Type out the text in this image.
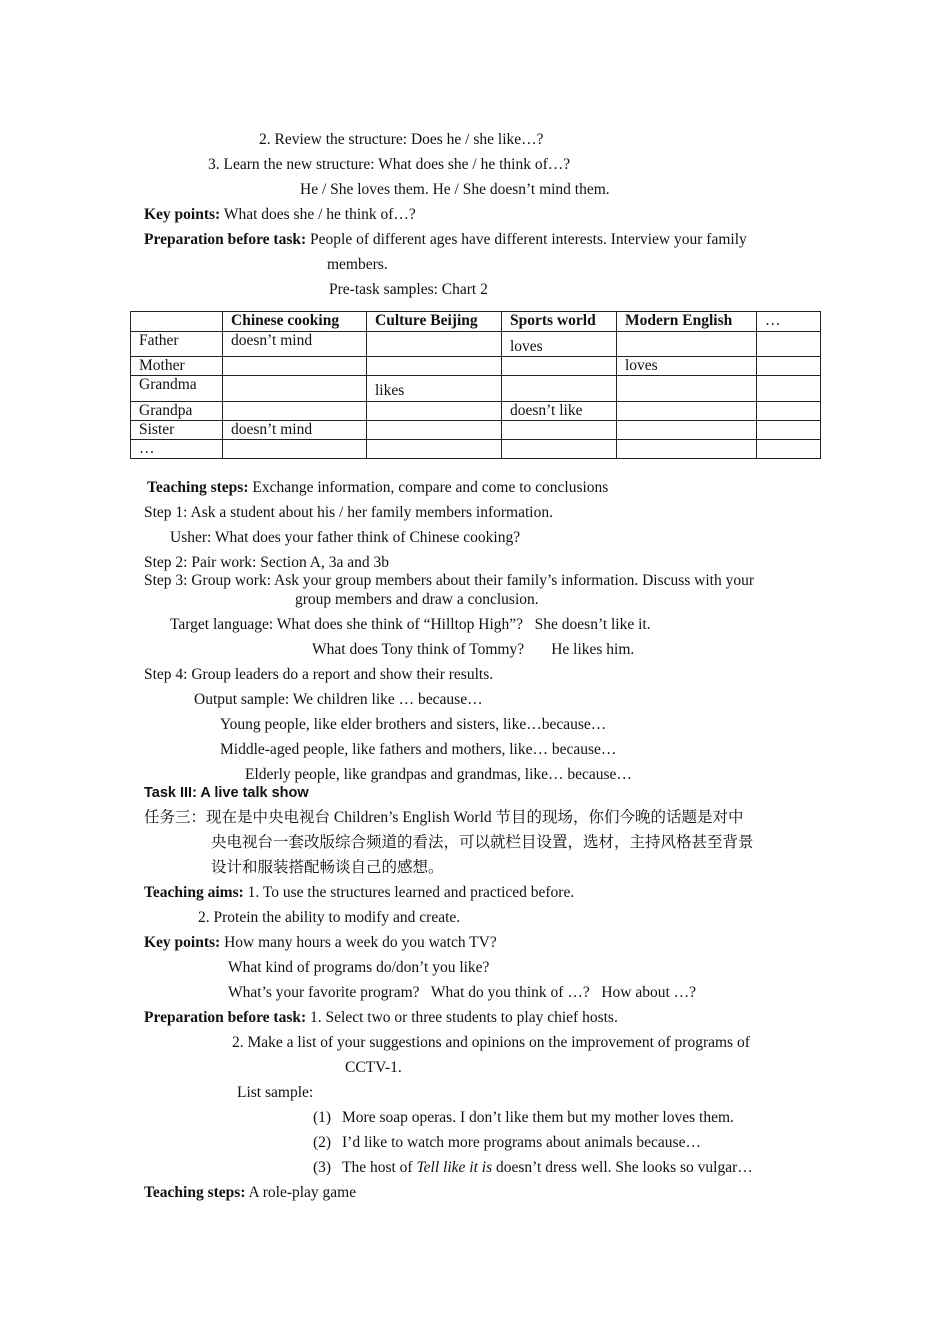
2. Review the structure: Does he / she like…?
3. Learn the new structure: What does she / he think of…?
He / She loves them. He / She doesn’t mind them.
Key points: What does she / he think of…?
Preparation before task: People of different ages have different interests. Interview your family
members.
Pre-task samples: Chart 2
	Chinese cooking	Culture Beijing	Sports world	Modern English	…
Father	doesn’t mind		loves		
Mother				loves	
Grandma		likes			
Grandpa			doesn’t like		
Sister	doesn’t mind				
…					
Teaching steps: Exchange information, compare and come to conclusions
Step 1: Ask a student about his / her family members information.
Usher: What does your father think of Chinese cooking?
Step 2: Pair work: Section A, 3a and 3b
Step 3: Group work: Ask your group members about their family’s information. Discuss with your
group members and draw a conclusion.
Target language: What does she think of “Hilltop High”?   She doesn’t like it.
What does Tony think of Tommy?       He likes him.
Step 4: Group leaders do a report and show their results.
Output sample: We children like … because…
Young people, like elder brothers and sisters, like…because…
Middle-aged people, like fathers and mothers, like… because…
Elderly people, like grandpas and grandmas, like… because…
Task III: A live talk show
任务三：现在是中央电视台 Children’s English World 节目的现场，你们今晚的话题是对中
央电视台一套改版综合频道的看法，可以就栏目设置，选材，主持风格甚至背景
设计和服装搭配畅谈自己的感想。
Teaching aims: 1. To use the structures learned and practiced before.
2. Protein the ability to modify and create.
Key points: How many hours a week do you watch TV?
What kind of programs do/don’t you like?
What’s your favorite program?   What do you think of …?   How about …?
Preparation before task: 1. Select two or three students to play chief hosts.
2. Make a list of your suggestions and opinions on the improvement of programs of
CCTV-1.
List sample:
(1) More soap operas. I don’t like them but my mother loves them.
(2) I’d like to watch more programs about animals because…
(3) The host of Tell like it is doesn’t dress well. She looks so vulgar…
Teaching steps: A role-play game
